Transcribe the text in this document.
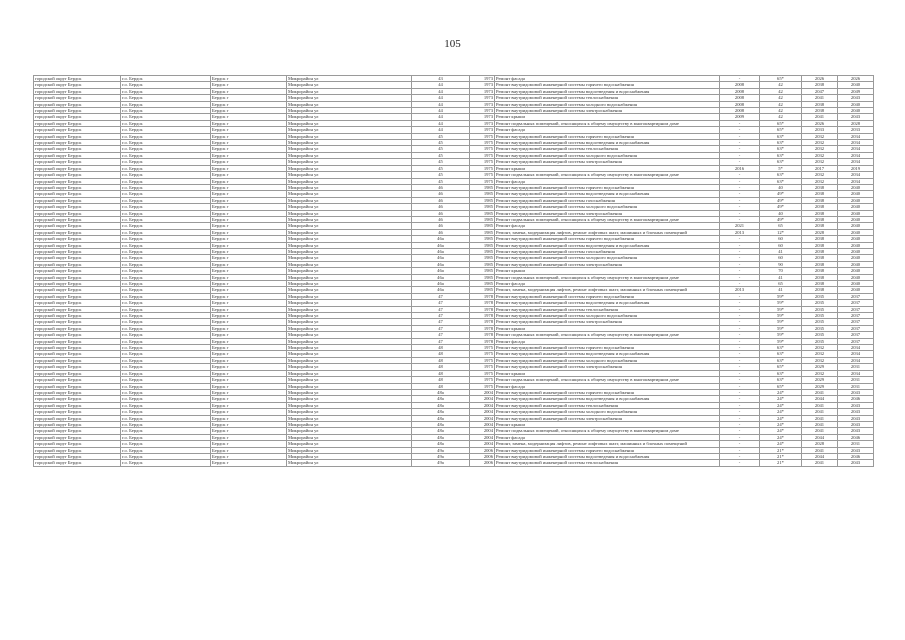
105
городской округ Бердск	г.о. Бердск	Бердск г	Микрорайон ул	43	1973	Ремонт фасада	-	65*	2026	2026
городской округ Бердск	г.о. Бердск	Бердск г	Микрорайон ул	44	1973	Ремонт внутридомовой инженерной системы горячего водоснабжения	2008	42	2038	2040
городской округ Бердск	г.о. Бердск	Бердск г	Микрорайон ул	44	1973	Ремонт внутридомовой инженерной системы водоотведения и водоснабжения	2008	42	2047	2049
городской округ Бердск	г.о. Бердск	Бердск г	Микрорайон ул	44	1973	Ремонт внутридомовой инженерной системы теплоснабжения	2008	42	2041	2043
городской округ Бердск	г.о. Бердск	Бердск г	Микрорайон ул	44	1973	Ремонт внутридомовой инженерной системы холодного водоснабжения	2008	42	2038	2040
городской округ Бердск	г.о. Бердск	Бердск г	Микрорайон ул	44	1973	Ремонт внутридомовой инженерной системы электроснабжения	2008	42	2038	2040
городской округ Бердск	г.о. Бердск	Бердск г	Микрорайон ул	44	1973	Ремонт крыши	2009	42	2041	2043
городской округ Бердск	г.о. Бердск	Бердск г	Микрорайон ул	44	1973	Ремонт подвальных помещений, относящихся к общему имуществу в многоквартирном доме	-	65*	2026	2028
городской округ Бердск	г.о. Бердск	Бердск г	Микрорайон ул	44	1973	Ремонт фасада	-	65*	2033	2033
городской округ Бердск	г.о. Бердск	Бердск г	Микрорайон ул	45	1975	Ремонт внутридомовой инженерной системы горячего водоснабжения	-	63*	2032	2034
городской округ Бердск	г.о. Бердск	Бердск г	Микрорайон ул	45	1975	Ремонт внутридомовой инженерной системы водоотведения и водоснабжения	-	63*	2032	2034
городской округ Бердск	г.о. Бердск	Бердск г	Микрорайон ул	45	1975	Ремонт внутридомовой инженерной системы теплоснабжения	-	63*	2032	2034
городской округ Бердск	г.о. Бердск	Бердск г	Микрорайон ул	45	1975	Ремонт внутридомовой инженерной системы холодного водоснабжения	-	63*	2032	2034
городской округ Бердск	г.о. Бердск	Бердск г	Микрорайон ул	45	1975	Ремонт внутридомовой инженерной системы электроснабжения	-	63*	2032	2034
городской округ Бердск	г.о. Бердск	Бердск г	Микрорайон ул	45	1975	Ремонт крыши	2016	5*	2017	2019
городской округ Бердск	г.о. Бердск	Бердск г	Микрорайон ул	45	1975	Ремонт подвальных помещений, относящихся к общему имуществу в многоквартирном доме	-	63*	2032	2034
городской округ Бердск	г.о. Бердск	Бердск г	Микрорайон ул	45	1975	Ремонт фасада	-	63*	2032	2034
городской округ Бердск	г.о. Бердск	Бердск г	Микрорайон ул	46	1985	Ремонт внутридомовой инженерной системы горячего водоснабжения	-	40	2038	2040
городской округ Бердск	г.о. Бердск	Бердск г	Микрорайон ул	46	1985	Ремонт внутридомовой инженерной системы водоотведения и водоснабжения	-	49*	2038	2040
городской округ Бердск	г.о. Бердск	Бердск г	Микрорайон ул	46	1985	Ремонт внутридомовой инженерной системы газоснабжения	-	49*	2038	2040
городской округ Бердск	г.о. Бердск	Бердск г	Микрорайон ул	46	1985	Ремонт внутридомовой инженерной системы холодного водоснабжения	-	49*	2038	2040
городской округ Бердск	г.о. Бердск	Бердск г	Микрорайон ул	46	1985	Ремонт внутридомовой инженерной системы электроснабжения	-	40	2038	2040
городской округ Бердск	г.о. Бердск	Бердск г	Микрорайон ул	46	1985	Ремонт подвальных помещений, относящихся к общему имуществу в многоквартирном доме	-	49*	2038	2040
городской округ Бердск	г.о. Бердск	Бердск г	Микрорайон ул	46	1985	Ремонт фасада	2021	65	2038	2040
городской округ Бердск	г.о. Бердск	Бердск г	Микрорайон ул	46	1985	Ремонт, замена, модернизация лифтов, ремонт лифтовых шахт, машинных и блочных помещений	2013	12*	2028	2040
городской округ Бердск	г.о. Бердск	Бердск г	Микрорайон ул	46а	1985	Ремонт внутридомовой инженерной системы горячего водоснабжения	-	60	2038	2040
городской округ Бердск	г.о. Бердск	Бердск г	Микрорайон ул	46а	1985	Ремонт внутридомовой инженерной системы водоотведения и водоснабжения	-	60	2038	2040
городской округ Бердск	г.о. Бердск	Бердск г	Микрорайон ул	46а	1985	Ремонт внутридомовой инженерной системы газоснабжения	-	41	2038	2040
городской округ Бердск	г.о. Бердск	Бердск г	Микрорайон ул	46а	1985	Ремонт внутридомовой инженерной системы холодного водоснабжения	-	60	2038	2040
городской округ Бердск	г.о. Бердск	Бердск г	Микрорайон ул	46а	1985	Ремонт внутридомовой инженерной системы электроснабжения	-	90	2038	2040
городской округ Бердск	г.о. Бердск	Бердск г	Микрорайон ул	46а	1985	Ремонт крыши	-	70	2038	2040
городской округ Бердск	г.о. Бердск	Бердск г	Микрорайон ул	46а	1985	Ремонт подвальных помещений, относящихся к общему имуществу в многоквартирном доме	-	41	2038	2040
городской округ Бердск	г.о. Бердск	Бердск г	Микрорайон ул	46а	1985	Ремонт фасада	-	65	2038	2040
городской округ Бердск	г.о. Бердск	Бердск г	Микрорайон ул	46а	1985	Ремонт, замена, модернизация лифтов, ремонт лифтовых шахт, машинных и блочных помещений	2013	41	2038	2040
городской округ Бердск	г.о. Бердск	Бердск г	Микрорайон ул	47	1978	Ремонт внутридомовой инженерной системы горячего водоснабжения	-	59*	2035	2037
городской округ Бердск	г.о. Бердск	Бердск г	Микрорайон ул	47	1978	Ремонт внутридомовой инженерной системы водоотведения и водоснабжения	-	59*	2035	2037
городской округ Бердск	г.о. Бердск	Бердск г	Микрорайон ул	47	1978	Ремонт внутридомовой инженерной системы теплоснабжения	-	59*	2035	2037
городской округ Бердск	г.о. Бердск	Бердск г	Микрорайон ул	47	1978	Ремонт внутридомовой инженерной системы холодного водоснабжения	-	59*	2035	2037
городской округ Бердск	г.о. Бердск	Бердск г	Микрорайон ул	47	1978	Ремонт внутридомовой инженерной системы электроснабжения	-	59*	2035	2037
городской округ Бердск	г.о. Бердск	Бердск г	Микрорайон ул	47	1978	Ремонт крыши	-	59*	2035	2037
городской округ Бердск	г.о. Бердск	Бердск г	Микрорайон ул	47	1978	Ремонт подвальных помещений, относящихся к общему имуществу в многоквартирном доме	-	59*	2035	2037
городской округ Бердск	г.о. Бердск	Бердск г	Микрорайон ул	47	1978	Ремонт фасада	-	59*	2035	2037
городской округ Бердск	г.о. Бердск	Бердск г	Микрорайон ул	48	1975	Ремонт внутридомовой инженерной системы горячего водоснабжения	-	63*	2032	2034
городской округ Бердск	г.о. Бердск	Бердск г	Микрорайон ул	48	1975	Ремонт внутридомовой инженерной системы водоотведения и водоснабжения	-	63*	2032	2034
городской округ Бердск	г.о. Бердск	Бердск г	Микрорайон ул	48	1975	Ремонт внутридомовой инженерной системы холодного водоснабжения	-	63*	2032	2034
городской округ Бердск	г.о. Бердск	Бердск г	Микрорайон ул	48	1975	Ремонт внутридомовой инженерной системы электроснабжения	-	65*	2029	2031
городской округ Бердск	г.о. Бердск	Бердск г	Микрорайон ул	48	1975	Ремонт крыши	-	63*	2032	2034
городской округ Бердск	г.о. Бердск	Бердск г	Микрорайон ул	48	1975	Ремонт подвальных помещений, относящихся к общему имуществу в многоквартирном доме	-	63*	2029	2031
городской округ Бердск	г.о. Бердск	Бердск г	Микрорайон ул	48	1975	Ремонт фасада	-	65*	2029	2031
городской округ Бердск	г.о. Бердск	Бердск г	Микрорайон ул	48а	2004	Ремонт внутридомовой инженерной системы горячего водоснабжения	-	24*	2041	2043
городской округ Бердск	г.о. Бердск	Бердск г	Микрорайон ул	48а	2004	Ремонт внутридомовой инженерной системы водоотведения и водоснабжения	-	24*	2044	2046
городской округ Бердск	г.о. Бердск	Бердск г	Микрорайон ул	48а	2004	Ремонт внутридомовой инженерной системы теплоснабжения	-	24*	2041	2043
городской округ Бердск	г.о. Бердск	Бердск г	Микрорайон ул	48а	2004	Ремонт внутридомовой инженерной системы холодного водоснабжения	-	24*	2041	2043
городской округ Бердск	г.о. Бердск	Бердск г	Микрорайон ул	48а	2004	Ремонт внутридомовой инженерной системы электроснабжения	-	24*	2041	2043
городской округ Бердск	г.о. Бердск	Бердск г	Микрорайон ул	48а	2004	Ремонт крыши	-	24*	2041	2043
городской округ Бердск	г.о. Бердск	Бердск г	Микрорайон ул	48а	2004	Ремонт подвальных помещений, относящихся к общему имуществу в многоквартирном доме	-	24*	2041	2043
городской округ Бердск	г.о. Бердск	Бердск г	Микрорайон ул	48а	2004	Ремонт фасада	-	24*	2044	2046
городской округ Бердск	г.о. Бердск	Бердск г	Микрорайон ул	48а	2004	Ремонт, замена, модернизация лифтов, ремонт лифтовых шахт, машинных и блочных помещений	-	24*	2028	2031
городской округ Бердск	г.о. Бердск	Бердск г	Микрорайон ул	49а	2006	Ремонт внутридомовой инженерной системы горячего водоснабжения	-	21*	2041	2043
городской округ Бердск	г.о. Бердск	Бердск г	Микрорайон ул	49а	2006	Ремонт внутридомовой инженерной системы водоотведения и водоснабжения	-	21*	2044	2046
городской округ Бердск	г.о. Бердск	Бердск г	Микрорайон ул	49а	2006	Ремонт внутридомовой инженерной системы теплоснабжения	-	21*	2041	2043
